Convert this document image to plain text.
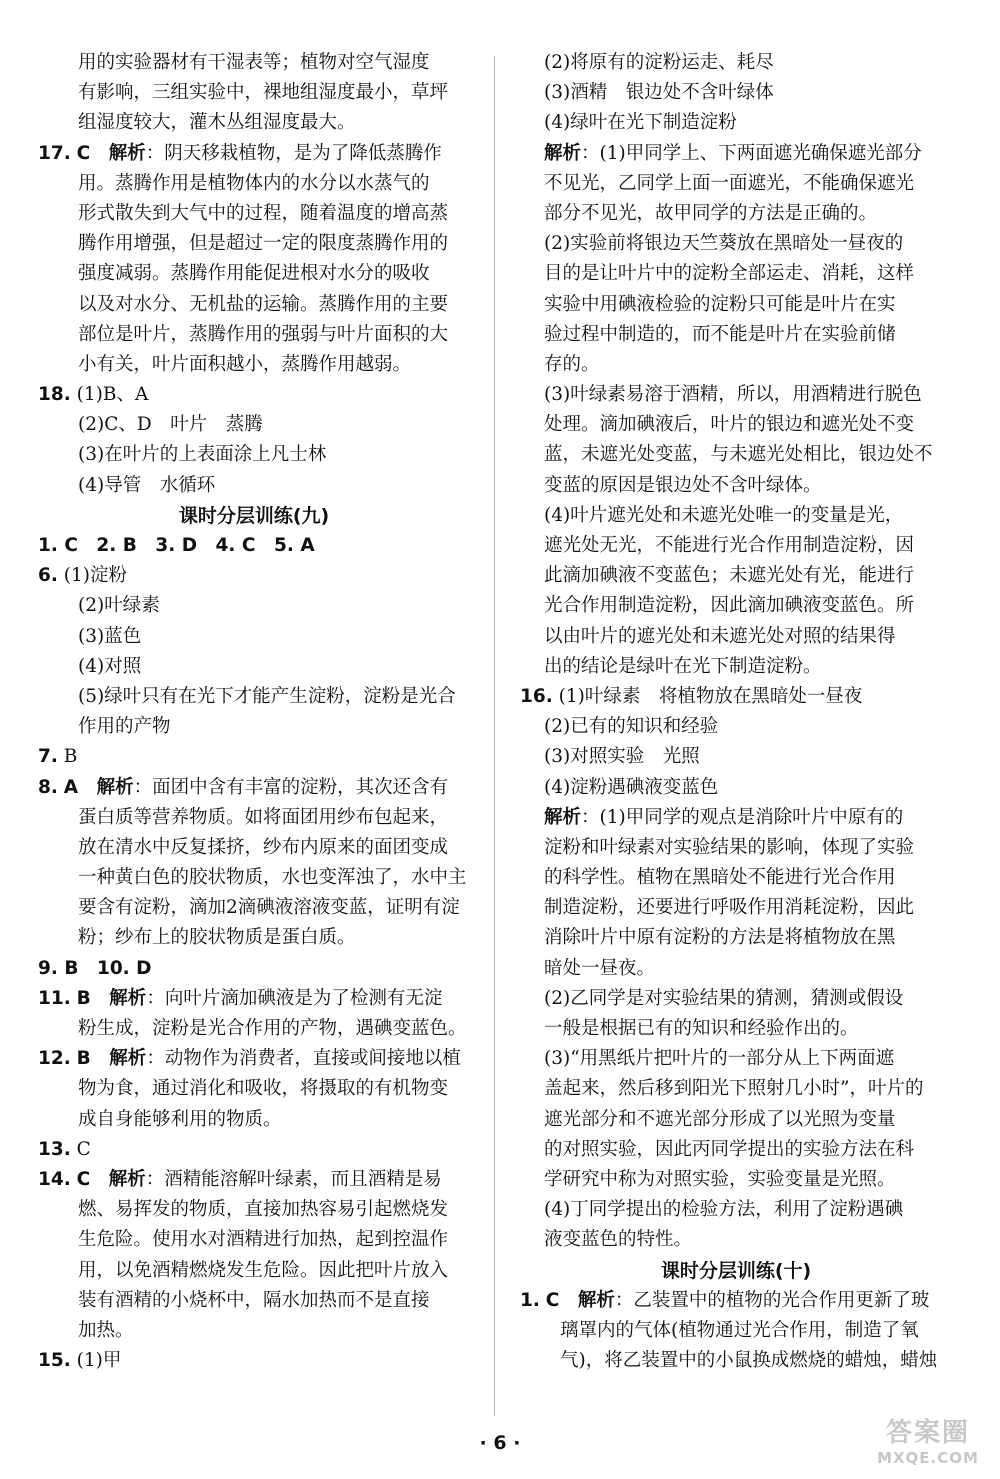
用的实验器材有干湿表等；植物对空气湿度
有影响，三组实验中，裸地组湿度最小，草坪
组湿度较大，灌木丛组湿度最大。
17. C　 解析：阴天移栽植物，是为了降低蒸腾作
用。蒸腾作用是植物体内的水分以水蒸气的
形式散失到大气中的过程，随着温度的增高蒸
腾作用增强，但是超过一定的限度蒸腾作用的
强度减弱。蒸腾作用能促进根对水分的吸收
以及对水分、无机盐的运输。蒸腾作用的主要
部位是叶片，蒸腾作用的强弱与叶片面积的大
小有关，叶片面积越小，蒸腾作用越弱。
18. (1)B、A
(2)C、D　叶片　蒸腾
(3)在叶片的上表面涂上凡士林
(4)导管　水循环
课时分层训练(九)
1. C　2. B　3. D　4. C　5. A
6. (1)淀粉
(2)叶绿素
(3)蓝色
(4)对照
(5)绿叶只有在光下才能产生淀粉，淀粉是光合
作用的产物
7. B
8. A　 解析：面团中含有丰富的淀粉，其次还含有
蛋白质等营养物质。如将面团用纱布包起来，
放在清水中反复揉挤，纱布内原来的面团变成
一种黄白色的胶状物质，水也变浑浊了，水中主
要含有淀粉，滴加2滴碘液溶液变蓝，证明有淀
粉；纱布上的胶状物质是蛋白质。
9. B　10. D
11. B　 解析：向叶片滴加碘液是为了检测有无淀
粉生成，淀粉是光合作用的产物，遇碘变蓝色。
12. B　 解析：动物作为消费者，直接或间接地以植
物为食，通过消化和吸收，将摄取的有机物变
成自身能够利用的物质。
13. C
14. C　 解析：酒精能溶解叶绿素，而且酒精是易
燃、易挥发的物质，直接加热容易引起燃烧发
生危险。使用水对酒精进行加热，起到控温作
用，以免酒精燃烧发生危险。因此把叶片放入
装有酒精的小烧杯中，隔水加热而不是直接
加热。
15. (1)甲
(2)将原有的淀粉运走、耗尽
(3)酒精　银边处不含叶绿体
(4)绿叶在光下制造淀粉
解析：(1)甲同学上、下两面遮光确保遮光部分
不见光，乙同学上面一面遮光，不能确保遮光
部分不见光，故甲同学的方法是正确的。
(2)实验前将银边天竺葵放在黑暗处一昼夜的
目的是让叶片中的淀粉全部运走、消耗，这样
实验中用碘液检验的淀粉只可能是叶片在实
验过程中制造的，而不能是叶片在实验前储
存的。
(3)叶绿素易溶于酒精，所以，用酒精进行脱色
处理。滴加碘液后，叶片的银边和遮光处不变
蓝，未遮光处变蓝，与未遮光处相比，银边处不
变蓝的原因是银边处不含叶绿体。
(4)叶片遮光处和未遮光处唯一的变量是光，
遮光处无光，不能进行光合作用制造淀粉，因
此滴加碘液不变蓝色；未遮光处有光，能进行
光合作用制造淀粉，因此滴加碘液变蓝色。所
以由叶片的遮光处和未遮光处对照的结果得
出的结论是绿叶在光下制造淀粉。
16. (1)叶绿素　将植物放在黑暗处一昼夜
(2)已有的知识和经验
(3)对照实验　光照
(4)淀粉遇碘液变蓝色
解析：(1)甲同学的观点是消除叶片中原有的
淀粉和叶绿素对实验结果的影响，体现了实验
的科学性。植物在黑暗处不能进行光合作用
制造淀粉，还要进行呼吸作用消耗淀粉，因此
消除叶片中原有淀粉的方法是将植物放在黑
暗处一昼夜。
(2)乙同学是对实验结果的猜测，猜测或假设
一般是根据已有的知识和经验作出的。
(3)“用黑纸片把叶片的一部分从上下两面遮
盖起来，然后移到阳光下照射几小时”，叶片的
遮光部分和不遮光部分形成了以光照为变量
的对照实验，因此丙同学提出的实验方法在科
学研究中称为对照实验，实验变量是光照。
(4)丁同学提出的检验方法，利用了淀粉遇碘
液变蓝色的特性。
课时分层训练(十)
1. C　 解析：乙装置中的植物的光合作用更新了玻
璃罩内的气体(植物通过光合作用，制造了氧
气)，将乙装置中的小鼠换成燃烧的蜡烛，蜡烛
· 6 ·	答案圈
MXQE.COM
